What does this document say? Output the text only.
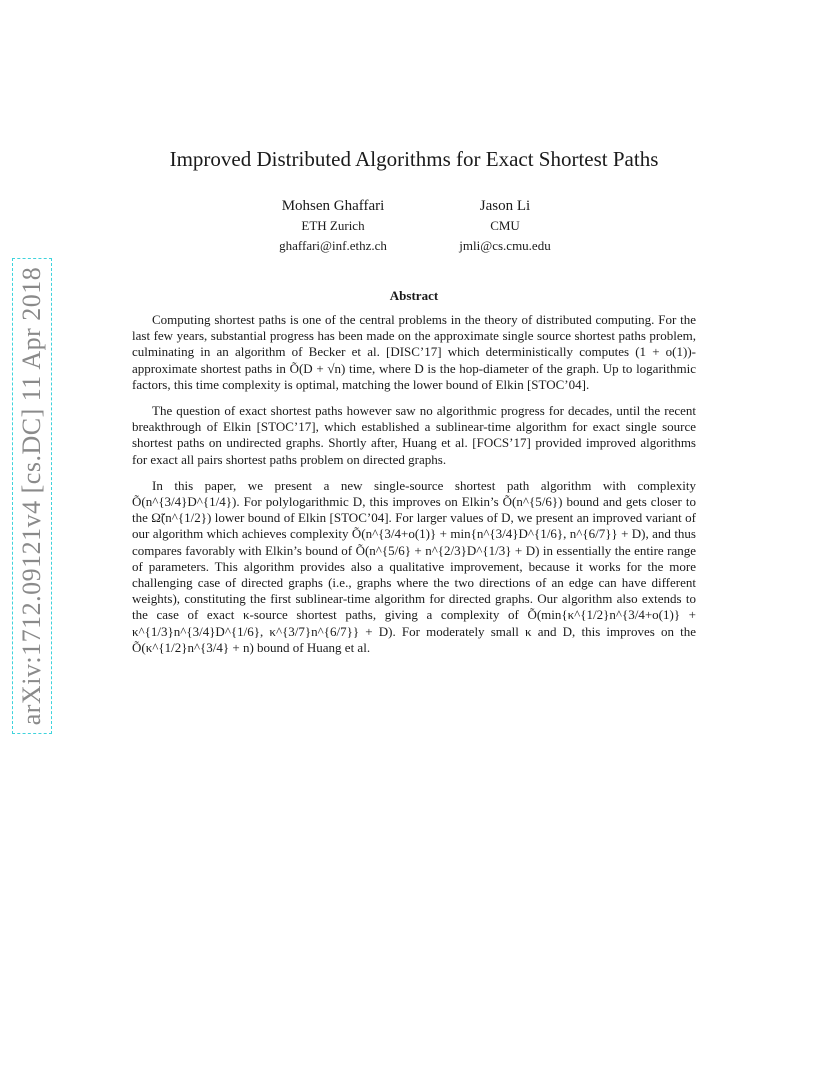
arXiv:1712.09121v4 [cs.DC] 11 Apr 2018
Improved Distributed Algorithms for Exact Shortest Paths
Mohsen Ghaffari
ETH Zurich
ghaffari@inf.ethz.ch
Jason Li
CMU
jmli@cs.cmu.edu
Abstract

Computing shortest paths is one of the central problems in the theory of distributed computing. For the last few years, substantial progress has been made on the approximate single source shortest paths problem, culminating in an algorithm of Becker et al. [DISC’17] which deterministically computes (1 + o(1))-approximate shortest paths in Õ(D + √n) time, where D is the hop-diameter of the graph. Up to logarithmic factors, this time complexity is optimal, matching the lower bound of Elkin [STOC’04].

The question of exact shortest paths however saw no algorithmic progress for decades, until the recent breakthrough of Elkin [STOC’17], which established a sublinear-time algorithm for exact single source shortest paths on undirected graphs. Shortly after, Huang et al. [FOCS’17] provided improved algorithms for exact all pairs shortest paths problem on directed graphs.

In this paper, we present a new single-source shortest path algorithm with complexity Õ(n^{3/4}D^{1/4}). For polylogarithmic D, this improves on Elkin’s Õ(n^{5/6}) bound and gets closer to the Ω̃(n^{1/2}) lower bound of Elkin [STOC’04]. For larger values of D, we present an improved variant of our algorithm which achieves complexity Õ(n^{3/4+o(1)} + min{n^{3/4}D^{1/6}, n^{6/7}} + D), and thus compares favorably with Elkin’s bound of Õ(n^{5/6} + n^{2/3}D^{1/3} + D) in essentially the entire range of parameters. This algorithm provides also a qualitative improvement, because it works for the more challenging case of directed graphs (i.e., graphs where the two directions of an edge can have different weights), constituting the first sublinear-time algorithm for directed graphs. Our algorithm also extends to the case of exact κ-source shortest paths, giving a complexity of Õ(min{κ^{1/2}n^{3/4+o(1)} + κ^{1/3}n^{3/4}D^{1/6}, κ^{3/7}n^{6/7}} + D). For moderately small κ and D, this improves on the Õ(κ^{1/2}n^{3/4} + n) bound of Huang et al.
